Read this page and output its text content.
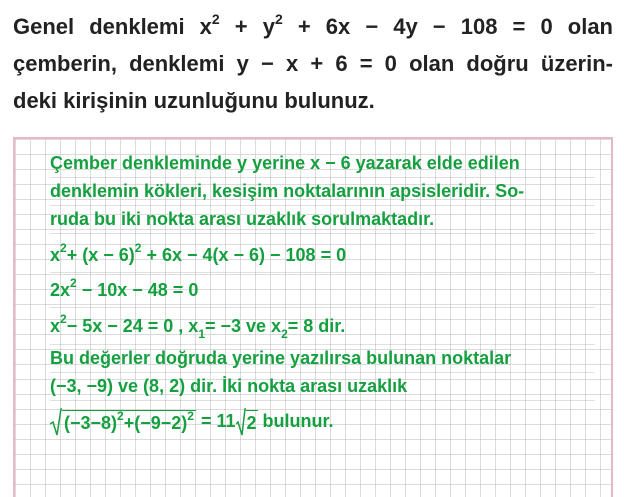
Genel denklemi $x^2 + y^2 + 6x - 4y - 108 = 0$ olan
çemberin, denklemi y − x + 6 = 0 olan doğru üzerin-
deki kirişinin uzunluğunu bulunuz.
Çember denkleminde y yerine x − 6 yazarak elde edilen
denklemin kökleri, kesişim noktalarının apsisleridir. So-
ruda bu iki nokta arası uzaklık sorulmaktadır.
$x^2+ (x - 6)^2 + 6x - 4(x - 6) - 108 = 0$
$2x^2 - 10x - 48 = 0$
$x^2- 5x - 24 = 0$ , $x_1= -3$ ve $x_2= 8$ dir.
Bu değerler doğruda yerine yazılırsa bulunan noktalar
(−3, −9) ve (8, 2) dir. İki nokta arası uzaklık
$(-3-8)^2+(-9-2)^2 = 11$ 2 bulunur.
